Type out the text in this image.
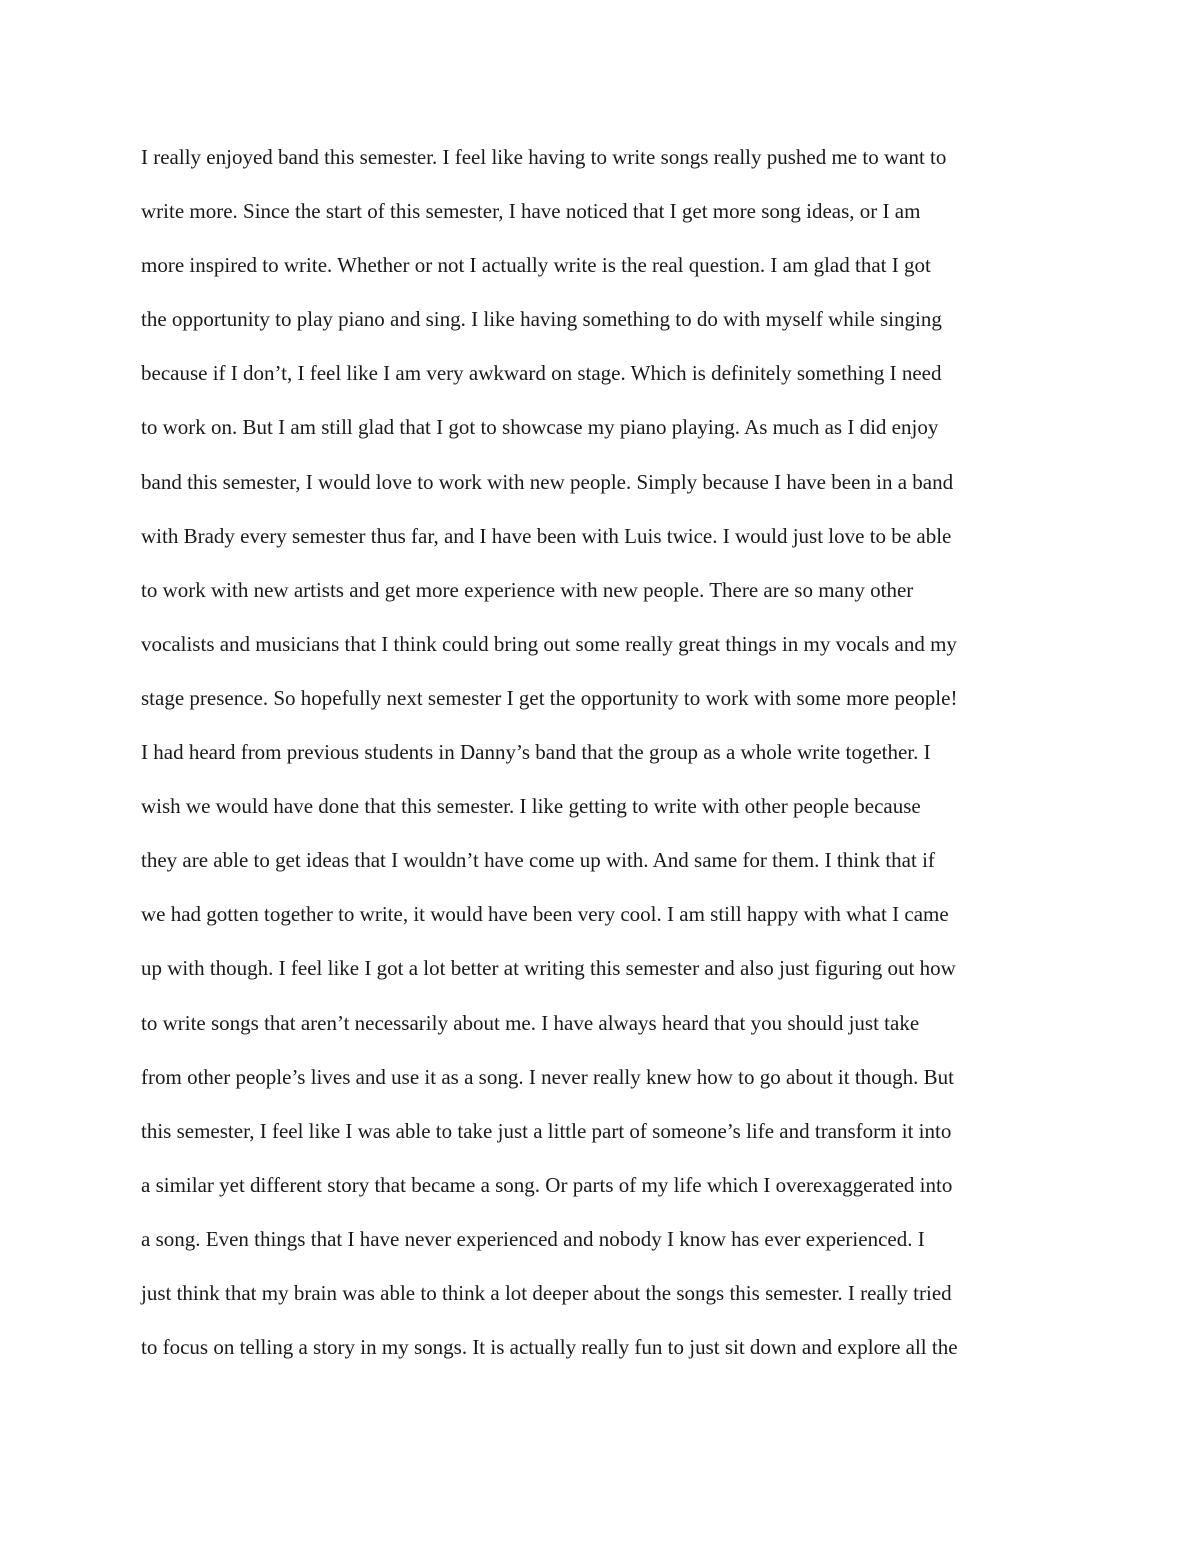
I really enjoyed band this semester. I feel like having to write songs really pushed me to want to
write more. Since the start of this semester, I have noticed that I get more song ideas, or I am
more inspired to write. Whether or not I actually write is the real question. I am glad that I got
the opportunity to play piano and sing. I like having something to do with myself while singing
because if I don’t, I feel like I am very awkward on stage. Which is definitely something I need
to work on. But I am still glad that I got to showcase my piano playing. As much as I did enjoy
band this semester, I would love to work with new people. Simply because I have been in a band
with Brady every semester thus far, and I have been with Luis twice. I would just love to be able
to work with new artists and get more experience with new people. There are so many other
vocalists and musicians that I think could bring out some really great things in my vocals and my
stage presence. So hopefully next semester I get the opportunity to work with some more people!
I had heard from previous students in Danny’s band that the group as a whole write together. I
wish we would have done that this semester. I like getting to write with other people because
they are able to get ideas that I wouldn’t have come up with. And same for them. I think that if
we had gotten together to write, it would have been very cool. I am still happy with what I came
up with though. I feel like I got a lot better at writing this semester and also just figuring out how
to write songs that aren’t necessarily about me. I have always heard that you should just take
from other people’s lives and use it as a song. I never really knew how to go about it though. But
this semester, I feel like I was able to take just a little part of someone’s life and transform it into
a similar yet different story that became a song. Or parts of my life which I overexaggerated into
a song. Even things that I have never experienced and nobody I know has ever experienced. I
just think that my brain was able to think a lot deeper about the songs this semester. I really tried
to focus on telling a story in my songs. It is actually really fun to just sit down and explore all the
